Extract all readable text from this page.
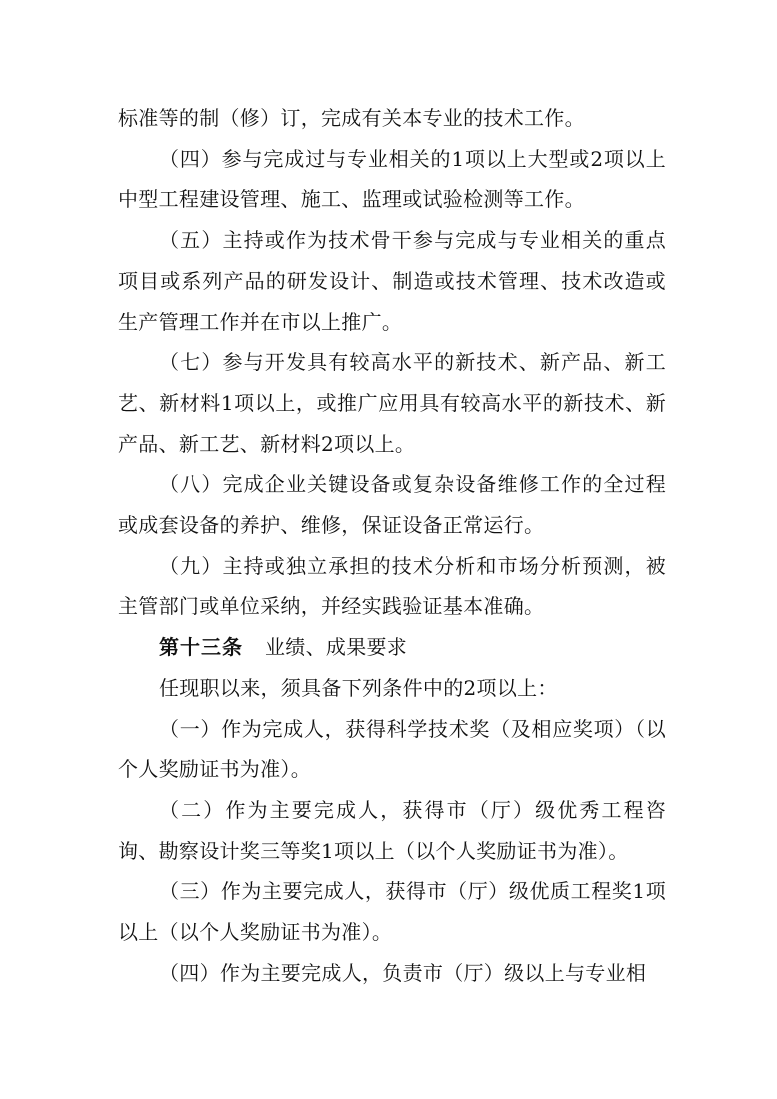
标准等的制（修）订，完成有关本专业的技术工作。

（四）参与完成过与专业相关的1项以上大型或2项以上中型工程建设管理、施工、监理或试验检测等工作。

（五）主持或作为技术骨干参与完成与专业相关的重点项目或系列产品的研发设计、制造或技术管理、技术改造或生产管理工作并在市以上推广。

（七）参与开发具有较高水平的新技术、新产品、新工艺、新材料1项以上，或推广应用具有较高水平的新技术、新产品、新工艺、新材料2项以上。

（八）完成企业关键设备或复杂设备维修工作的全过程或成套设备的养护、维修，保证设备正常运行。

（九）主持或独立承担的技术分析和市场分析预测，被主管部门或单位采纳，并经实践验证基本准确。

第十三条 业绩、成果要求

任现职以来，须具备下列条件中的2项以上：

（一）作为完成人，获得科学技术奖（及相应奖项）（以个人奖励证书为准）。

（二）作为主要完成人，获得市（厅）级优秀工程咨询、勘察设计奖三等奖1项以上（以个人奖励证书为准）。

（三）作为主要完成人，获得市（厅）级优质工程奖1项以上（以个人奖励证书为准）。

（四）作为主要完成人，负责市（厅）级以上与专业相
